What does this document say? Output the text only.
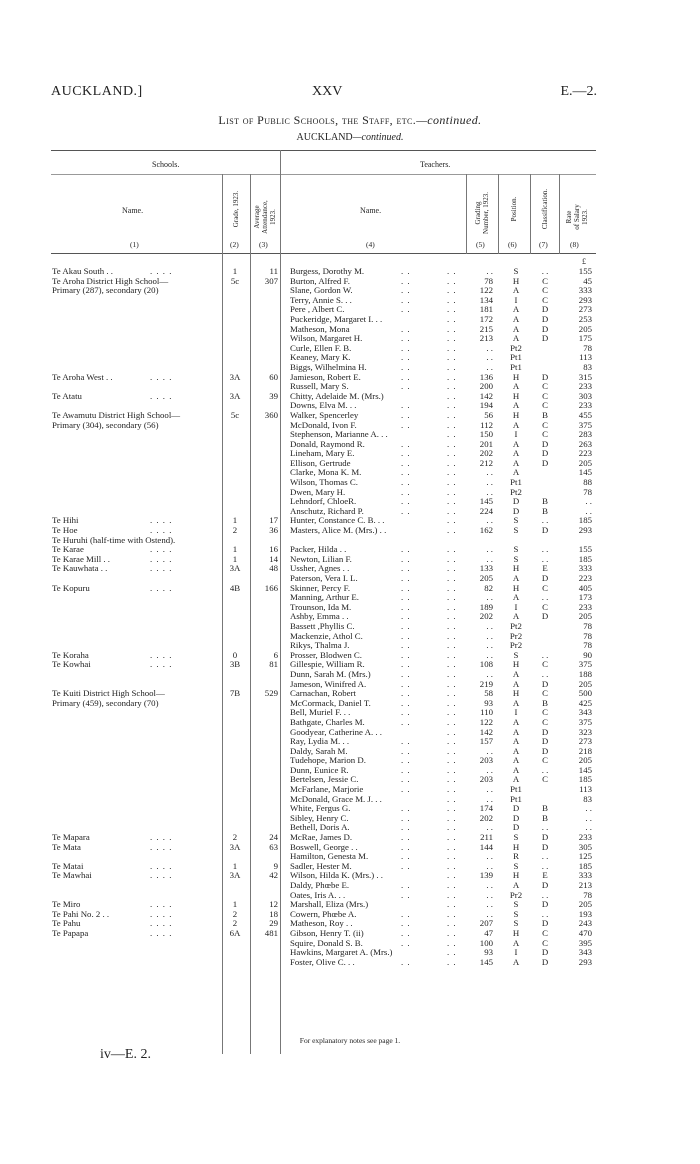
AUCKLAND.]	XXV	E.—2.
List of Public Schools, the Staff, etc.—continued.
AUCKLAND—continued.
Schools.	Teachers.
Name.	Grade, 1923. Average
Attendance,
1923.	Name.	Grading
Number, 1923.	Position.	Classification. Rate
of Salary
1923.
(1)	(2)	(3)	(4)	(5)	(6)	(7)	(8)
£
Te Akau South . .	. . . .	1	11 Burgess, Dorothy M.	. .	. .	. .	S	. .	155
Te Aroha District High School—	5c	307 Burton, Alfred F.	. .	. .	78	H	C	45
Primary (287), secondary (20)	Slane, Gordon W.	. .	. .	122	A	C	333
Terry, Annie S. . .	. .	. .	134	I	C	293
Pere , Albert C.	. .	. .	181	A	D	273
Puckeridge, Margaret I. . .	. .	172	A	D	253
Matheson, Mona	. .	. .	215	A	D	205
Wilson, Margaret H.	. .	. .	213	A	D	175
Curle, Ellen F. B.	. .	. .	. .	Pt2	78
Keaney, Mary K.	. .	. .	. .	Pt1	113
Biggs, Wilhelmina H.	. .	. .	. .	Pt1	83
Te Aroha West . .	. . . .	3A	60 Jamieson, Robert E.	. .	. .	136	H	D	315
Russell, Mary S.	. .	. .	200	A	C	233
Te Atatu	. . . .	3A	39 Chitty, Adelaide M. (Mrs.)	. .	142	H	C	303
Downs, Elva M. . .	. .	. .	194	A	C	233
Te Awamutu District High School—	5c	360 Walker, Spencerley	. .	. .	56	H	B	455
Primary (304), secondary (56)	McDonald, Ivon F.	. .	. .	112	A	C	375
Stephenson, Marianne A. . .	. .	150	I	C	283
Donald, Raymond R.	. .	. .	201	A	D	263
Lineham, Mary E.	. .	. .	202	A	D	223
Ellison, Gertrude	. .	. .	212	A	D	205
Clarke, Mona K. M.	. .	. .	. .	A	145
Wilson, Thomas C.	. .	. .	. .	Pt1	88
Dwen, Mary H.	. .	. .	. .	Pt2	78
Lehndorf, ChloeR.	. .	. .	145	D	B	. .
Anschutz, Richard P.	. .	. .	224	D	B	. .
Te Hihi	. . . .	1	17 Hunter, Constance C. B. . .	. .	. .	S	. .	185
Te Hoe	. . . .	2	36 Masters, Alice M. (Mrs.) . .	. .	162	S	D	293
Te Huruhi (half-time with Ostend).
Te Karae	. . . .	1	16 Packer, Hilda . .	. .	. .	. .	S	. .	155
Te Karae Mill . .	. . . .	1	14 Newton, Lilian F.	. .	. .	. .	S	. .	185
Te Kauwhata . .	. . . .	3A	48 Ussher, Agnes . .	. .	. .	133	H	E	333
Paterson, Vera I. L.	. .	. .	205	A	D	223
Te Kopuru	. . . .	4B	166 Skinner, Percy F.	. .	. .	82	H	C	405
Manning, Arthur E.	. .	. .	. .	A	. .	173
Trounson, Ida M.	. .	. .	189	I	C	233
Ashby, Emma . .	. .	. .	202	A	D	205
Bassett ,Phyllis C.	. .	. .	. .	Pt2	78
Mackenzie, Athol C.	. .	. .	. .	Pr2	78
Rikys, Thalma J.	. .	. .	. .	Pr2	78
Te Koraha	. . . .	0	6 Prosser, Blodwen C.	. .	. .	. .	S	. .	90
Te Kowhai	. . . .	3B	81 Gillespie, William R.	. .	. .	108	H	C	375
Dunn, Sarah M. (Mrs.)	. .	. .	. .	A	. .	188
Jameson, Winifred A.	. .	. .	219	A	D	205
Te Kuiti District High School—	7B	529 Carnachan, Robert	. .	. .	58	H	C	500
Primary (459), secondary (70)	McCormack, Daniel T.	. .	. .	93	A	B	425
Bell, Muriel F. . .	. .	. .	110	I	C	343
Bathgate, Charles M.	. .	. .	122	A	C	375
Goodyear, Catherine A. . .	. .	142	A	D	323
Ray, Lydia M. . .	. .	. .	157	A	D	273
Daldy, Sarah M.	. .	. .	. .	A	D	218
Tudehope, Marion D.	. .	. .	203	A	C	205
Dunn, Eunice R.	. .	. .	. .	A	. .	145
Bertelsen, Jessie C.	. .	. .	203	A	C	185
McFarlane, Marjorie	. .	. .	. .	Pt1	113
McDonald, Grace M. J. . .	. .	. .	Pt1	83
White, Fergus G.	. .	. .	174	D	B	. .
Sibley, Henry C.	. .	. .	202	D	B	. .
Bethell, Doris A.	. .	. .	. .	D	. .	. .
Te Mapara	. . . .	2	24 McRae, James D.	. .	. .	211	S	D	233
Te Mata	. . . .	3A	63 Boswell, George . .	. .	. .	144	H	D	305
Hamilton, Genesta M.	. .	. .	. .	R	. .	125
Te Matai	. . . .	1	9 Sadler, Hester M.	. .	. .	. .	S	. .	185
Te Mawhai	. . . .	3A	42 Wilson, Hilda K. (Mrs.) . .	. .	139	H	E	333
Daldy, Phœbe E.	. .	. .	. .	A	D	213
Oates, Iris A. . .	. .	. .	. .	Pr2	. .	78
Te Miro	. . . .	1	12 Marshall, Eliza (Mrs.)	. .	. .	S	D	205
Te Pahi No. 2 . .	. . . .	2	18 Cowern, Phœbe A.	. .	. .	. .	S	. .	193
Te Pahu	. . . .	2	29 Matheson, Roy . .	. .	. .	207	S	D	243
Te Papapa	. . . .	6A	481 Gibson, Henry T. (ii)	. .	. .	47	H	C	470
Squire, Donald S. B.	. .	. .	100	A	C	395
Hawkins, Margaret A. (Mrs.)	. .	93	I	D	343
Foster, Olive C. . .	. .	. .	145	A	D	293
For explanatory notes see page 1.
iv—E. 2.
